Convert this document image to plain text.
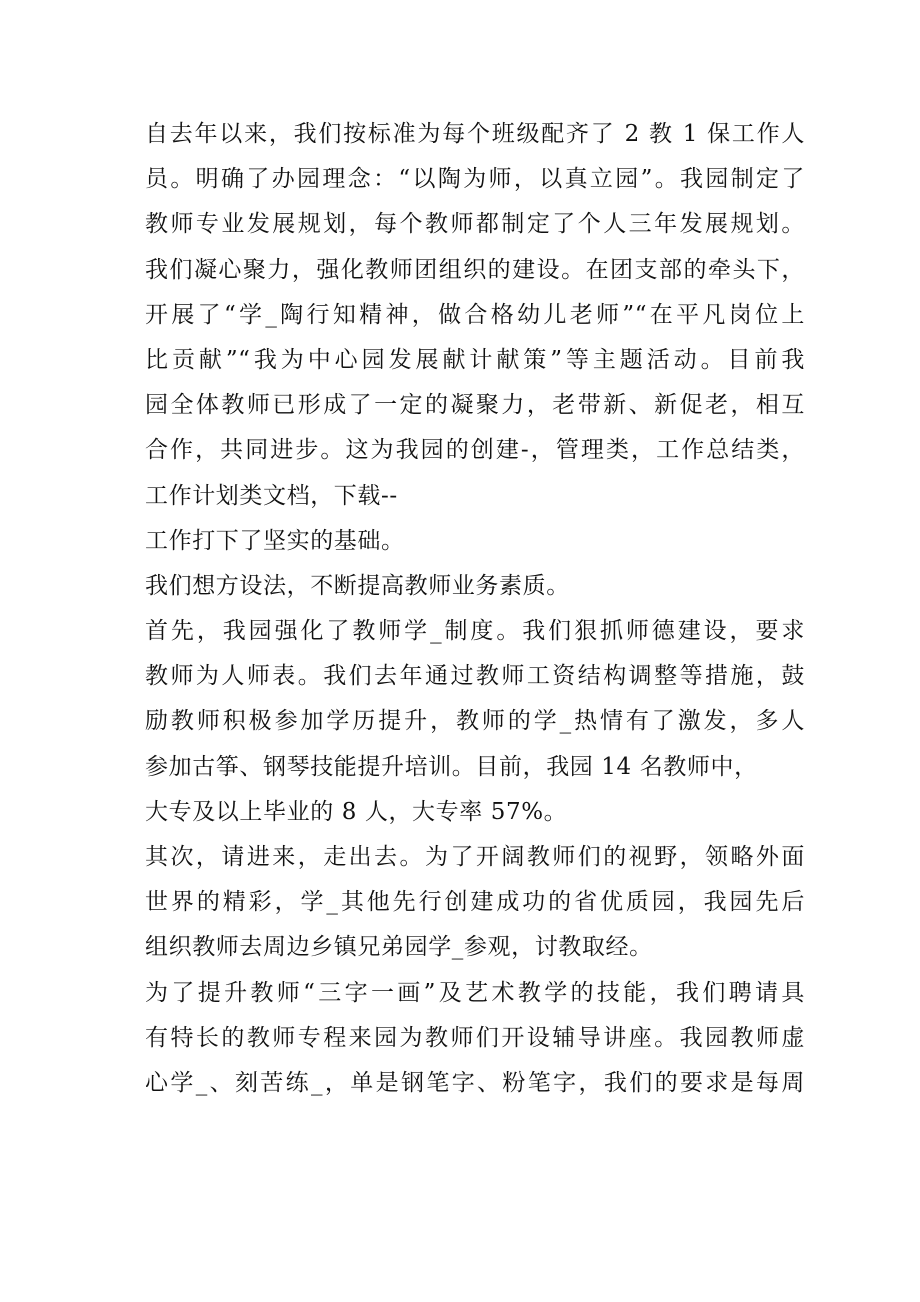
自去年以来，我们按标准为每个班级配齐了 2 教 1 保工作人
员。明确了办园理念：“以陶为师，以真立园”。我园制定了
教师专业发展规划，每个教师都制定了个人三年发展规划。
我们凝心聚力，强化教师团组织的建设。在团支部的牵头下，
开展了“学_陶行知精神，做合格幼儿老师”“在平凡岗位上
比贡献”“我为中心园发展献计献策”等主题活动。目前我
园全体教师已形成了一定的凝聚力，老带新、新促老，相互
合作，共同进步。这为我园的创建-，管理类，工作总结类，
工作计划类文档，下载--
工作打下了坚实的基础。
我们想方设法，不断提高教师业务素质。
首先，我园强化了教师学_制度。我们狠抓师德建设，要求
教师为人师表。我们去年通过教师工资结构调整等措施，鼓
励教师积极参加学历提升，教师的学_热情有了激发，多人
参加古筝、钢琴技能提升培训。目前，我园 14 名教师中，
大专及以上毕业的 8 人，大专率 57%。
其次，请进来，走出去。为了开阔教师们的视野，领略外面
世界的精彩，学_其他先行创建成功的省优质园，我园先后
组织教师去周边乡镇兄弟园学_参观，讨教取经。
为了提升教师“三字一画”及艺术教学的技能，我们聘请具
有特长的教师专程来园为教师们开设辅导讲座。我园教师虚
心学_、刻苦练_，单是钢笔字、粉笔字，我们的要求是每周
